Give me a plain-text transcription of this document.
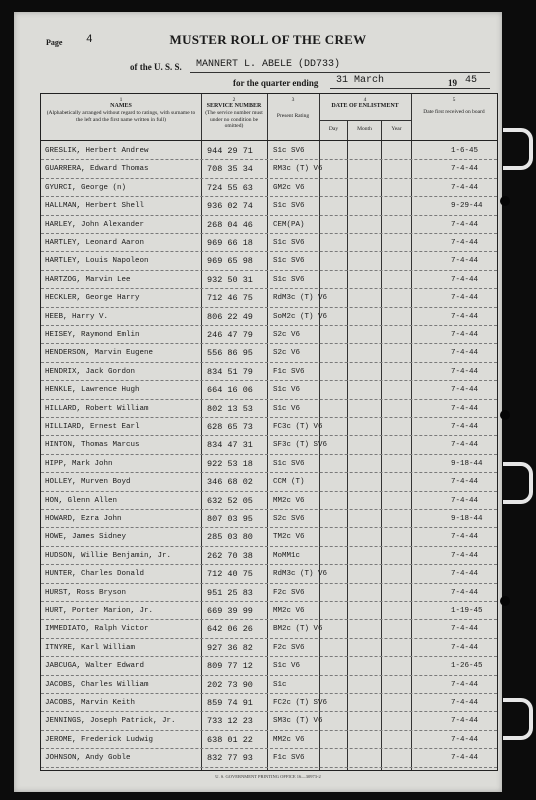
Page 4	MUSTER ROLL OF THE CREW
of the U. S. S. MANNERT L. ABELE (DD733)
for the quarter ending 31 March	19 45
1
NAMES
(Alphabetically arranged without regard to ratings, with surname to the left and the first name written in full)
2
SERVICE NUMBER
(The service number must under no condition be omitted)
3
Present Rating
4
DATE OF ENLISTMENT
Day	Month	Year
5
Date first received on board
GRESLIK, Herbert Andrew	944 29 71	S1c SV6	1-6-45
GUARRERA, Edward Thomas	708 35 34	RM3c (T) V6	7-4-44
GYURCI, George (n)	724 55 63	GM2c V6	7-4-44
HALLMAN, Herbert Shell	936 02 74	S1c SV6	9-29-44
HARLEY, John Alexander	268 04 46	CEM(PA)	7-4-44
HARTLEY, Leonard Aaron	969 66 18	S1c SV6	7-4-44
HARTLEY, Louis Napoleon	969 65 98	S1c SV6	7-4-44
HARTZOG, Marvin Lee	932 50 31	S1c SV6	7-4-44
HECKLER, George Harry	712 46 75	RdM3c (T) V6	7-4-44
HEEB, Harry V.	806 22 49	SoM2c (T) V6	7-4-44
HEISEY, Raymond Emlin	246 47 79	S2c V6	7-4-44
HENDERSON, Marvin Eugene	556 86 95	S2c V6	7-4-44
HENDRIX, Jack Gordon	834 51 79	F1c SV6	7-4-44
HENKLE, Lawrence Hugh	664 16 06	S1c V6	7-4-44
HILLARD, Robert William	802 13 53	S1c V6	7-4-44
HILLIARD, Ernest Earl	628 65 73	FC3c (T) V6	7-4-44
HINTON, Thomas Marcus	834 47 31	SF3c (T) SV6	7-4-44
HIPP, Mark John	922 53 18	S1c SV6	9-18-44
HOLLEY, Murven Boyd	346 68 02	CCM (T)	7-4-44
HON, Glenn Allen	632 52 05	MM2c V6	7-4-44
HOWARD, Ezra John	807 03 95	S2c SV6	9-18-44
HOWE, James Sidney	285 03 80	TM2c V6	7-4-44
HUDSON, Willie Benjamin, Jr.	262 70 38	MoMM1c	7-4-44
HUNTER, Charles Donald	712 40 75	RdM3c (T) V6	7-4-44
HURST, Ross Bryson	951 25 83	F2c SV6	7-4-44
HURT, Porter Marion, Jr.	669 39 99	MM2c V6	1-19-45
IMMEDIATO, Ralph Victor	642 06 26	BM2c (T) V6	7-4-44
ITNYRE, Karl William	927 36 82	F2c SV6	7-4-44
JABCUGA, Walter Edward	809 77 12	S1c V6	1-26-45
JACOBS, Charles William	202 73 90	S1c	7-4-44
JACOBS, Marvin Keith	859 74 91	FC2c (T) SV6	7-4-44
JENNINGS, Joseph Patrick, Jr.	733 12 23	SM3c (T) V6	7-4-44
JEROME, Frederick Ludwig	638 01 22	MM2c V6	7-4-44
JOHNSON, Andy Goble	832 77 93	F1c SV6	7-4-44
U. S. GOVERNMENT PRINTING OFFICE 16—30973-2
